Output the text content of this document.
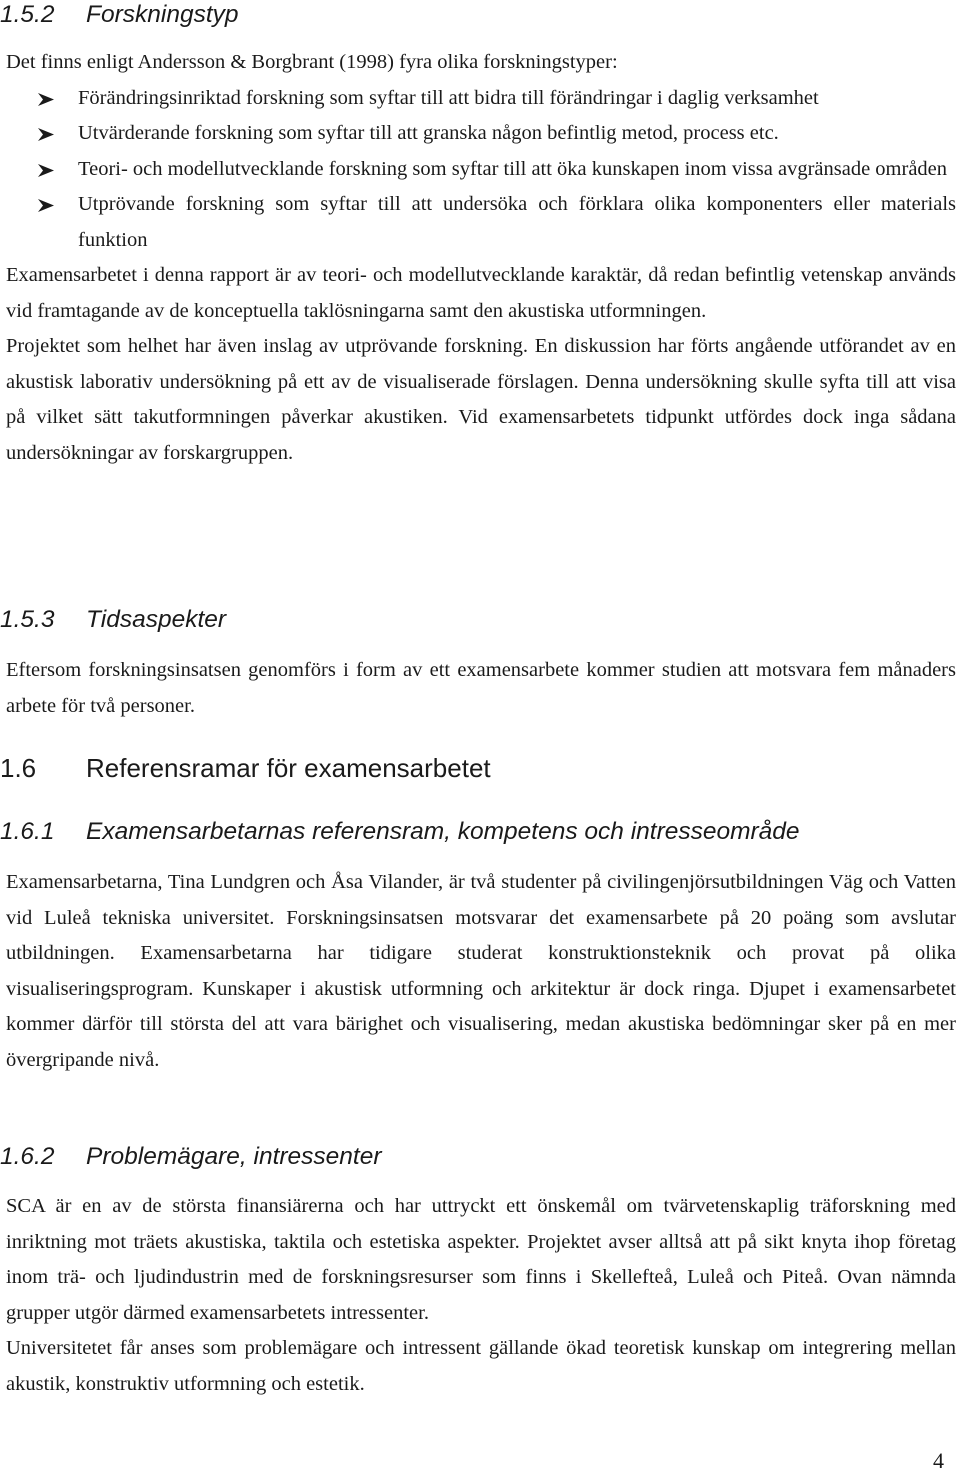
1.5.2 Forskningstyp

Det finns enligt Andersson & Borgbrant (1998) fyra olika forskningstyper:

Förändringsinriktad forskning som syftar till att bidra till förändringar i daglig verksamhet
Utvärderande forskning som syftar till att granska någon befintlig metod, process etc.
Teori- och modellutvecklande forskning som syftar till att öka kunskapen inom vissa avgränsade områden
Utprövande forskning som syftar till att undersöka och förklara olika komponenters eller materials funktion

Examensarbetet i denna rapport är av teori- och modellutvecklande karaktär, då redan befintlig vetenskap används vid framtagande av de konceptuella taklösningarna samt den akustiska utformningen.

Projektet som helhet har även inslag av utprövande forskning. En diskussion har förts angående utförandet av en akustisk laborativ undersökning på ett av de visualiserade förslagen. Denna undersökning skulle syfta till att visa på vilket sätt takutformningen påverkar akustiken. Vid examensarbetets tidpunkt utfördes dock inga sådana undersökningar av forskargruppen.

1.5.3 Tidsaspekter

Eftersom forskningsinsatsen genomförs i form av ett examensarbete kommer studien att motsvara fem månaders arbete för två personer.

1.6 Referensramar för examensarbetet
1.6.1 Examensarbetarnas referensram, kompetens och intresseområde

Examensarbetarna, Tina Lundgren och Åsa Vilander, är två studenter på civilingenjörsutbildningen Väg och Vatten vid Luleå tekniska universitet. Forskningsinsatsen motsvarar det examensarbete på 20 poäng som avslutar utbildningen. Examensarbetarna har tidigare studerat konstruktionsteknik och provat på olika visualiseringsprogram. Kunskaper i akustisk utformning och arkitektur är dock ringa. Djupet i examensarbetet kommer därför till största del att vara bärighet och visualisering, medan akustiska bedömningar sker på en mer övergripande nivå.

1.6.2 Problemägare, intressenter

SCA är en av de största finansiärerna och har uttryckt ett önskemål om tvärvetenskaplig träforskning med inriktning mot träets akustiska, taktila och estetiska aspekter. Projektet avser alltså att på sikt knyta ihop företag inom trä- och ljudindustrin med de forskningsresurser som finns i Skellefteå, Luleå och Piteå. Ovan nämnda grupper utgör därmed examensarbetets intressenter.

Universitetet får anses som problemägare och intressent gällande ökad teoretisk kunskap om integrering mellan akustik, konstruktiv utformning och estetik.

4
